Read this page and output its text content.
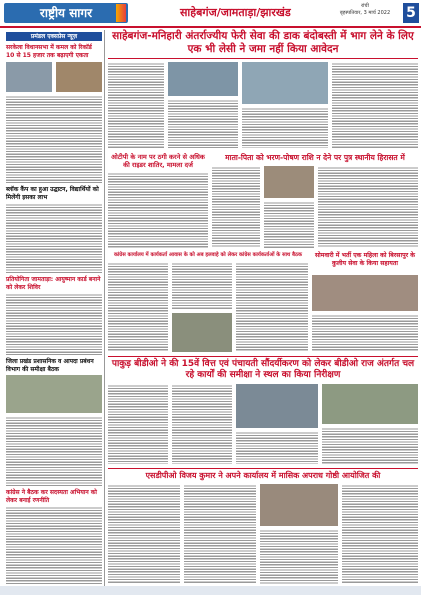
राष्ट्रीय सागर	साहेबगंज/जामताड़ा/झारखंड	रांची
बृहस्पतिवार, 3 मार्च 2022	5
प्रमंडल एक्सप्रेस न्यूज़
सरकेला विधानसभा में कमल को रिकॉर्ड 10 से 15 हजार तक बढ़ाएगी एकता
ब्लॉक कैंप का हुआ उद्घाटन, विद्यार्थियों को मिलेंगी इसका लाभ
प्रतियोगिता जामताड़ा: आयुष्मान कार्ड बनाने को लेकर शिविर
जिला प्रखंड प्रशासनिक व आपदा प्रबंधन विभाग की समीक्षा बैठक
कांग्रेस ने बैठक कर सदस्यता अभियान को लेकर बनाई रणनीति
साहेबगंज-मनिहारी अंतर्राज्यीय फेरी सेवा की डाक बंदोबस्ती में भाग लेने के लिए एक भी लेसी ने जमा नहीं किया आवेदन
ओटीपी के नाम पर ठगी करने से अधिक की राइडर शातिर, मामला दर्ज
माता-पिता को भरण-पोषण राशि न देने पर पुत्र स्थानीय हिरासत में
कांग्रेस कार्यालय में कार्यकर्ता आवास के को अब हलवाहे को लेकर कांग्रेस कार्यकर्ताओं के साथ बैठक	सोमवारी में भर्ती एक महिला को बिरसापुर के कुलीय सेवा के किया सहायता
पाकुड़ बीडीओ ने की 15वें वित्त एवं पंचायती सौंदर्यीकरण को लेकर बीडीओ राज अंतर्गत चल रहे कार्यों की समीक्षा ने स्थल का किया निरीक्षण
एसडीपीओ विजय कुमार ने अपने कार्यालय में मासिक अपराध गोष्ठी आयोजित की
